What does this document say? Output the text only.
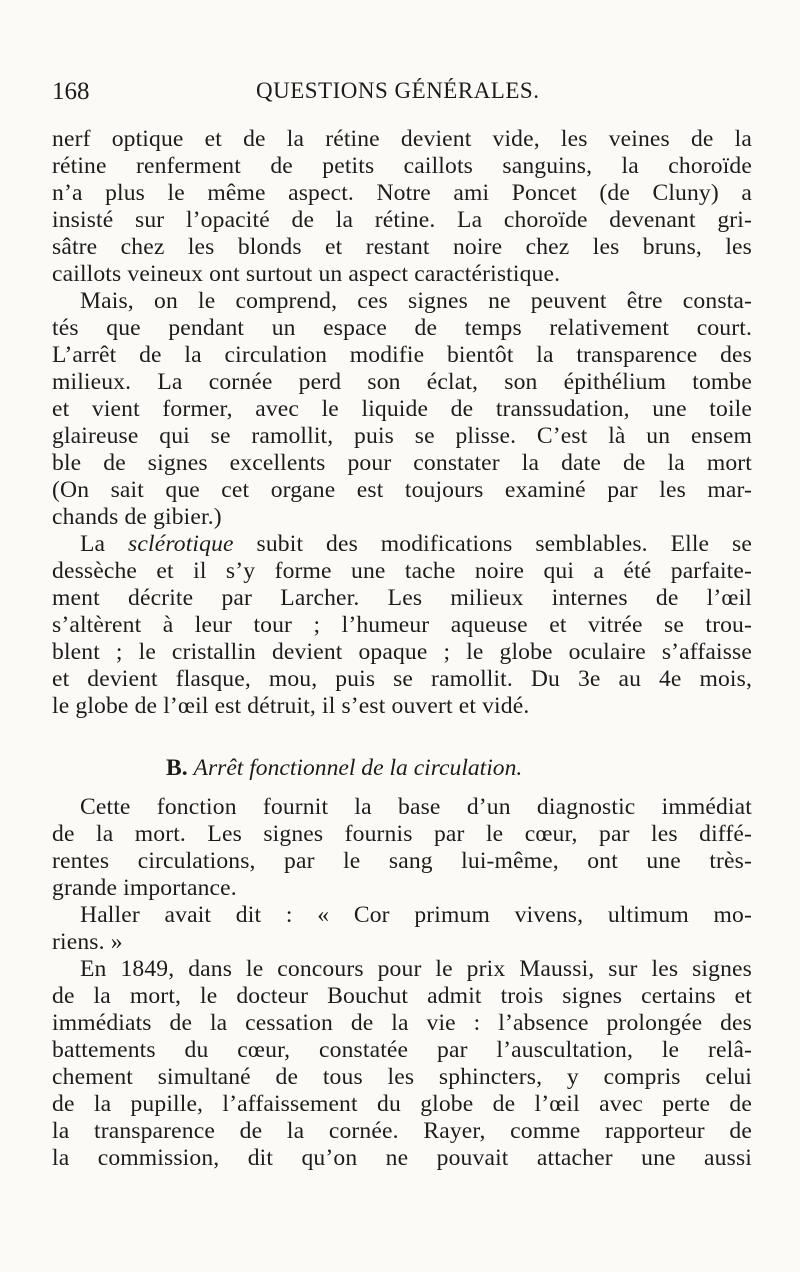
168	QUESTIONS GÉNÉRALES.
nerf optique et de la rétine devient vide, les veines de la
rétine renferment de petits caillots sanguins, la choroïde
n’a plus le même aspect. Notre ami Poncet (de Cluny) a
insisté sur l’opacité de la rétine. La choroïde devenant gri-
sâtre chez les blonds et restant noire chez les bruns, les
caillots veineux ont surtout un aspect caractéristique.
Mais, on le comprend, ces signes ne peuvent être consta-
tés que pendant un espace de temps relativement court.
L’arrêt de la circulation modifie bientôt la transparence des
milieux. La cornée perd son éclat, son épithélium tombe
et vient former, avec le liquide de transsudation, une toile
glaireuse qui se ramollit, puis se plisse. C’est là un ensem
ble de signes excellents pour constater la date de la mort
(On sait que cet organe est toujours examiné par les mar-
chands de gibier.)
La sclérotique subit des modifications semblables. Elle se
dessèche et il s’y forme une tache noire qui a été parfaite-
ment décrite par Larcher. Les milieux internes de l’œil
s’altèrent à leur tour ; l’humeur aqueuse et vitrée se trou-
blent ; le cristallin devient opaque ; le globe oculaire s’affaisse
et devient flasque, mou, puis se ramollit. Du 3e au 4e mois,
le globe de l’œil est détruit, il s’est ouvert et vidé.
B. Arrêt fonctionnel de la circulation.
Cette fonction fournit la base d’un diagnostic immédiat
de la mort. Les signes fournis par le cœur, par les diffé-
rentes circulations, par le sang lui-même, ont une très-
grande importance.
Haller avait dit : « Cor primum vivens, ultimum mo-
riens. »
En 1849, dans le concours pour le prix Maussi, sur les signes
de la mort, le docteur Bouchut admit trois signes certains et
immédiats de la cessation de la vie : l’absence prolongée des
battements du cœur, constatée par l’auscultation, le relâ-
chement simultané de tous les sphincters, y compris celui
de la pupille, l’affaissement du globe de l’œil avec perte de
la transparence de la cornée. Rayer, comme rapporteur de
la commission, dit qu’on ne pouvait attacher une aussi
